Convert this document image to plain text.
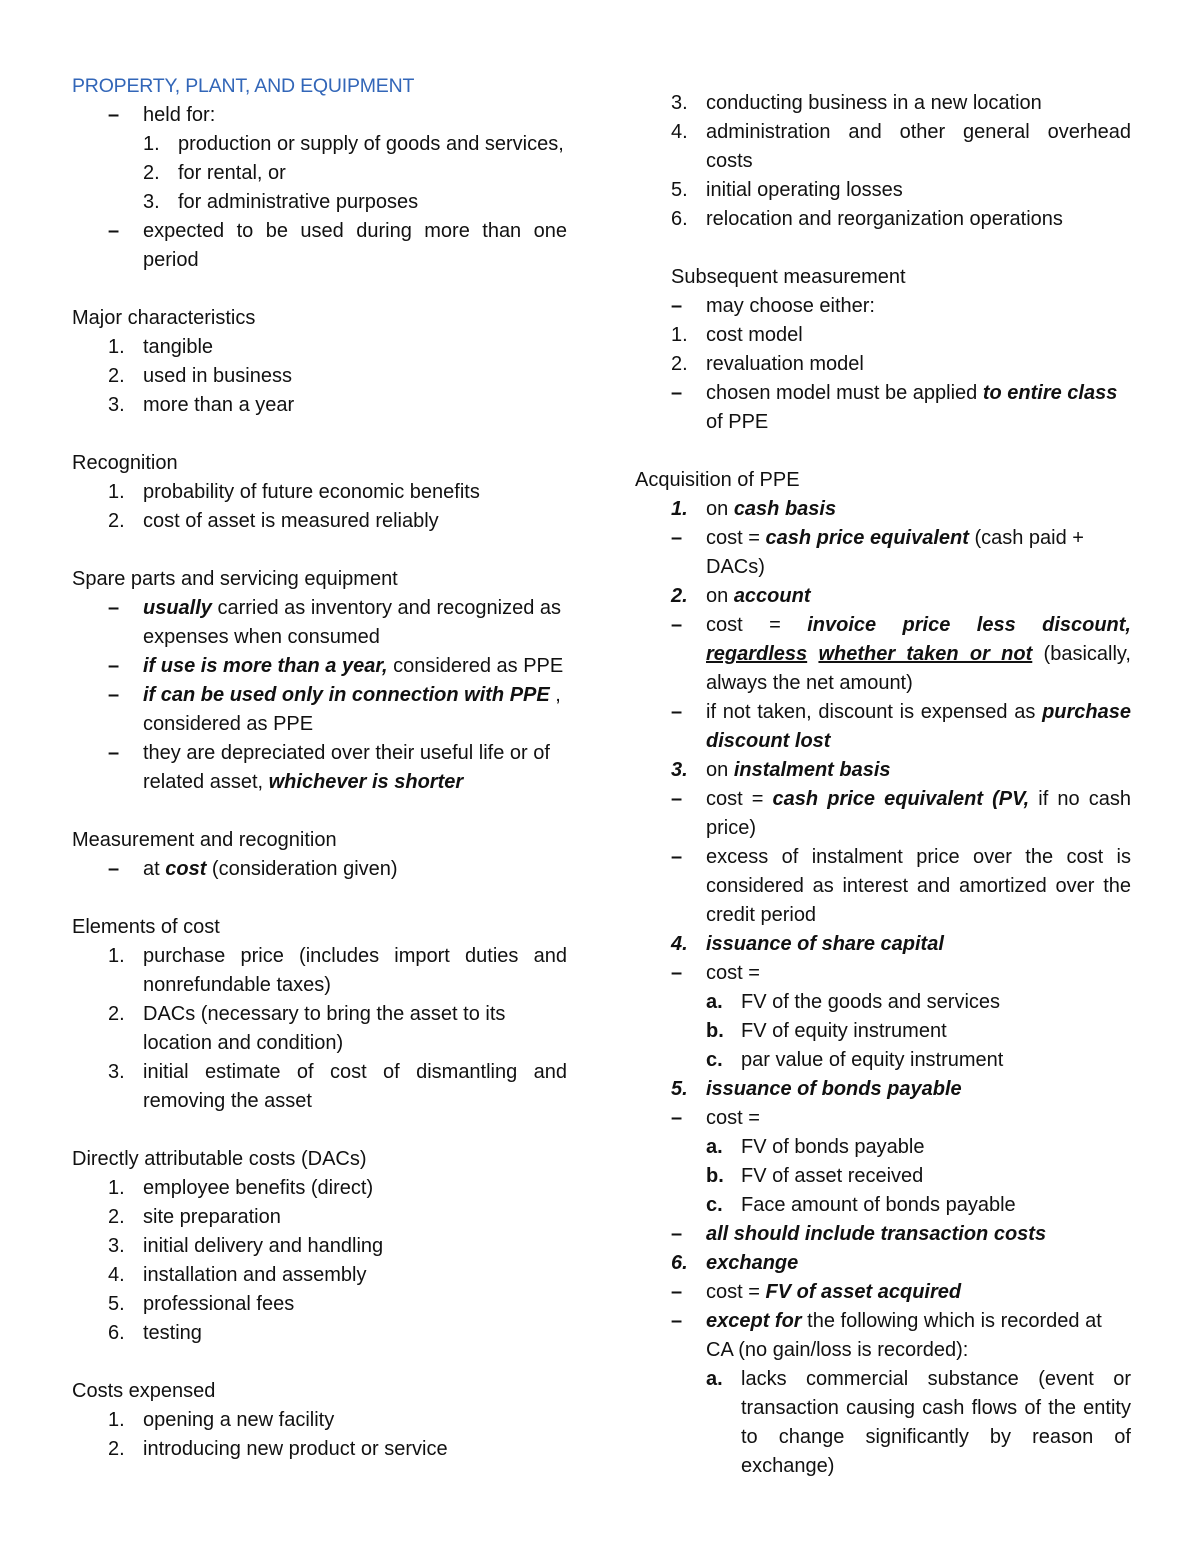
PROPERTY, PLANT, AND EQUIPMENT
–	held for:
1. production or supply of goods and services,
2. for rental, or
3. for administrative purposes
–	expected to be used during more than one period
Major characteristics
1. tangible
2. used in business
3. more than a year
Recognition
1. probability of future economic benefits
2. cost of asset is measured reliably
Spare parts and servicing equipment
–	usually carried as inventory and recognized as expenses when consumed
–	if use is more than a year, considered as PPE
–	if can be used only in connection with PPE , considered as PPE
–	they are depreciated over their useful life or of related asset, whichever is shorter
Measurement and recognition
–	at cost (consideration given)
Elements of cost
1. purchase price (includes import duties and nonrefundable taxes)
2. DACs (necessary to bring the asset to its location and condition)
3. initial estimate of cost of dismantling and removing the asset
Directly attributable costs (DACs)
1. employee benefits (direct)
2. site preparation
3. initial delivery and handling
4. installation and assembly
5. professional fees
6. testing
Costs expensed
1. opening a new facility
2. introducing new product or service
3. conducting business in a new location
4. administration and other general overhead costs
5. initial operating losses
6. relocation and reorganization operations
Subsequent measurement
–	may choose either:
1. cost model
2. revaluation model
–	chosen model must be applied to entire class of PPE
Acquisition of PPE
1. on cash basis
–	cost = cash price equivalent (cash paid + DACs)
2. on account
–	cost = invoice price less discount, regardless whether taken or not (basically, always the net amount)
–	if not taken, discount is expensed as purchase discount lost
3. on instalment basis
–	cost = cash price equivalent (PV, if no cash price)
–	excess of instalment price over the cost is considered as interest and amortized over the credit period
4. issuance of share capital
–	cost =
a. FV of the goods and services
b. FV of equity instrument
c. par value of equity instrument
5. issuance of bonds payable
–	cost =
a. FV of bonds payable
b. FV of asset received
c. Face amount of bonds payable
–	all should include transaction costs
6. exchange
–	cost = FV of asset acquired
–	except for the following which is recorded at CA (no gain/loss is recorded):
a. lacks commercial substance (event or transaction causing cash flows of the entity to change significantly by reason of exchange)
